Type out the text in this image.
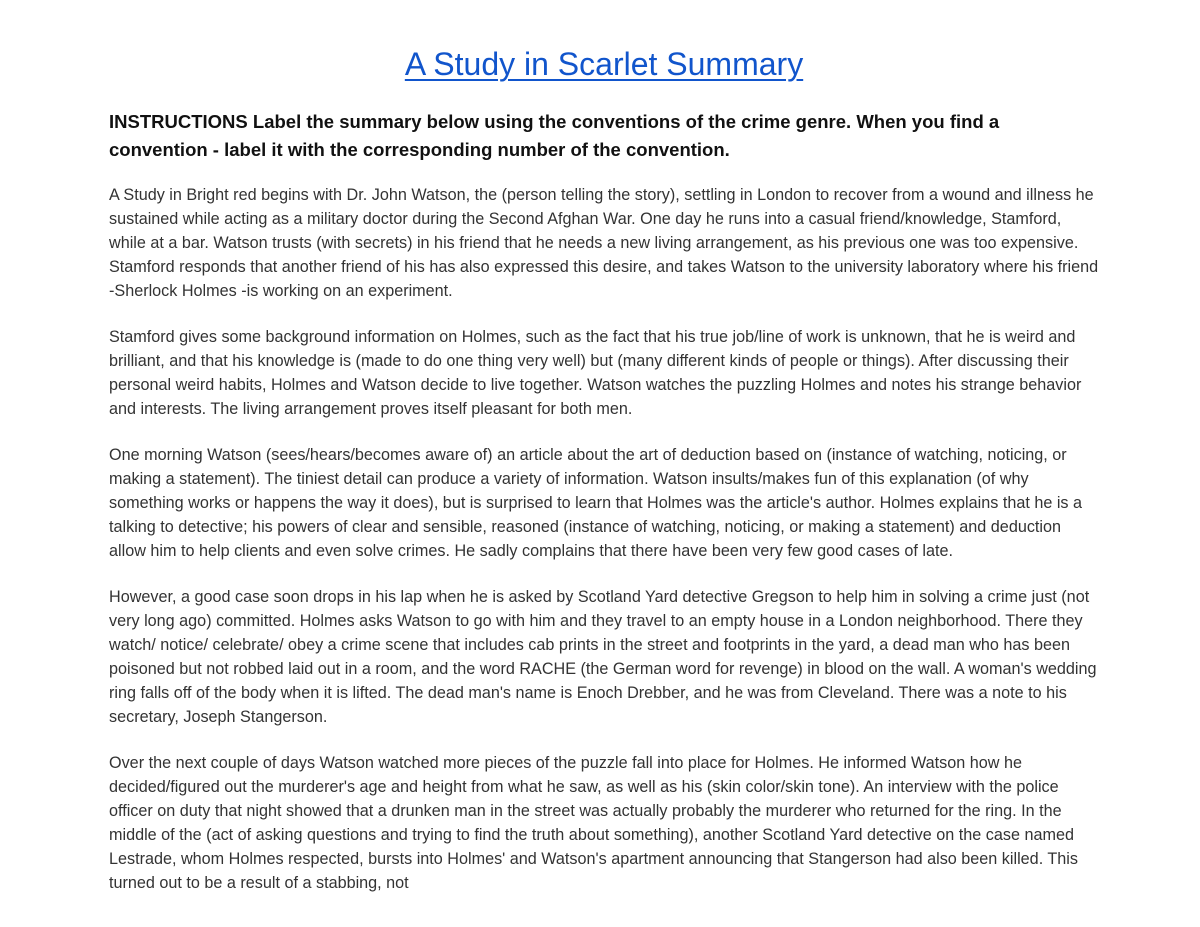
A Study in Scarlet Summary

INSTRUCTIONS Label the summary below using the conventions of the crime genre. When you find a convention - label it with the corresponding number of the convention.

A Study in Bright red begins with Dr. John Watson, the (person telling the story), settling in London to recover from a wound and illness he sustained while acting as a military doctor during the Second Afghan War. One day he runs into a casual friend/knowledge, Stamford, while at a bar. Watson trusts (with secrets) in his friend that he needs a new living arrangement, as his previous one was too expensive. Stamford responds that another friend of his has also expressed this desire, and takes Watson to the university laboratory where his friend -Sherlock Holmes -is working on an experiment.

Stamford gives some background information on Holmes, such as the fact that his true job/line of work is unknown, that he is weird and brilliant, and that his knowledge is (made to do one thing very well) but (many different kinds of people or things). After discussing their personal weird habits, Holmes and Watson decide to live together. Watson watches the puzzling Holmes and notes his strange behavior and interests. The living arrangement proves itself pleasant for both men.

One morning Watson (sees/hears/becomes aware of) an article about the art of deduction based on (instance of watching, noticing, or making a statement). The tiniest detail can produce a variety of information. Watson insults/makes fun of this explanation (of why something works or happens the way it does), but is surprised to learn that Holmes was the article's author. Holmes explains that he is a talking to detective; his powers of clear and sensible, reasoned (instance of watching, noticing, or making a statement) and deduction allow him to help clients and even solve crimes. He sadly complains that there have been very few good cases of late.

However, a good case soon drops in his lap when he is asked by Scotland Yard detective Gregson to help him in solving a crime just (not very long ago) committed. Holmes asks Watson to go with him and they travel to an empty house in a London neighborhood. There they watch/ notice/ celebrate/ obey a crime scene that includes cab prints in the street and footprints in the yard, a dead man who has been poisoned but not robbed laid out in a room, and the word RACHE (the German word for revenge) in blood on the wall. A woman's wedding ring falls off of the body when it is lifted. The dead man's name is Enoch Drebber, and he was from Cleveland. There was a note to his secretary, Joseph Stangerson.

Over the next couple of days Watson watched more pieces of the puzzle fall into place for Holmes. He informed Watson how he decided/figured out the murderer's age and height from what he saw, as well as his (skin color/skin tone). An interview with the police officer on duty that night showed that a drunken man in the street was actually probably the murderer who returned for the ring. In the middle of the (act of asking questions and trying to find the truth about something), another Scotland Yard detective on the case named Lestrade, whom Holmes respected, bursts into Holmes' and Watson's apartment announcing that Stangerson had also been killed. This turned out to be a result of a stabbing, not
